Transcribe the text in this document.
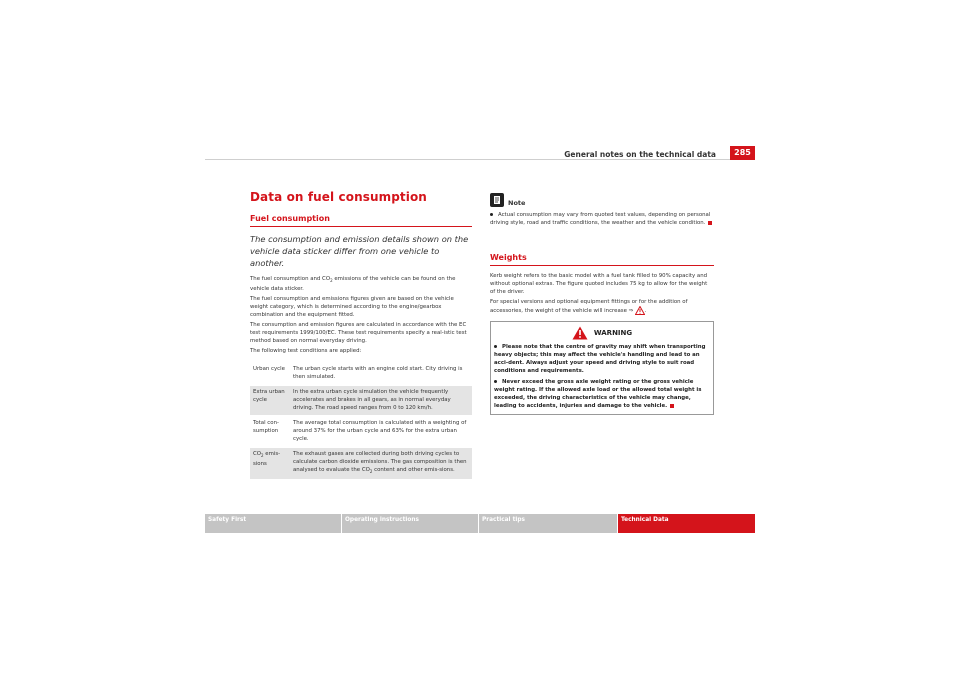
General notes on the technical data	285
Data on fuel consumption
Fuel consumption
The consumption and emission details shown on the vehicle data sticker differ from one vehicle to another.

The fuel consumption and $CO_2$ emissions of the vehicle can be found on the vehicle data sticker.

The fuel consumption and emissions figures given are based on the vehicle weight category, which is determined according to the engine/gearbox combination and the equipment fitted.

The consumption and emission figures are calculated in accordance with the EC test requirements 1999/100/EC. These test requirements specify a real-istic test method based on normal everyday driving.

The following test conditions are applied:

Urban cycle	The urban cycle starts with an engine cold start. City driving is then simulated.
Extra urban cycle	In the extra urban cycle simulation the vehicle frequently accelerates and brakes in all gears, as in normal everyday driving. The road speed ranges from 0 to 120 km/h.
Total con-sumption	The average total consumption is calculated with a weighting of around 37% for the urban cycle and 63% for the extra urban cycle.
$CO_2$ emis-sions	The exhaust gases are collected during both driving cycles to calculate carbon dioxide emissions. The gas composition is then analysed to evaluate the $CO_2$ content and other emis-sions.
Note
Actual consumption may vary from quoted test values, depending on personal driving style, road and traffic conditions, the weather and the vehicle condition.
Weights

Kerb weight refers to the basic model with a fuel tank filled to 90% capacity and without optional extras. The figure quoted includes 75 kg to allow for the weight of the driver.

For special versions and optional equipment fittings or for the addition of accessories, the weight of the vehicle will increase ⇒ .

WARNING
Please note that the centre of gravity may shift when transporting heavy objects; this may affect the vehicle's handling and lead to an acci-dent. Always adjust your speed and driving style to suit road conditions and requirements.
Never exceed the gross axle weight rating or the gross vehicle weight rating. If the allowed axle load or the allowed total weight is exceeded, the driving characteristics of the vehicle may change, leading to accidents, injuries and damage to the vehicle.
Safety First	Operating instructions	Practical tips	Technical Data
